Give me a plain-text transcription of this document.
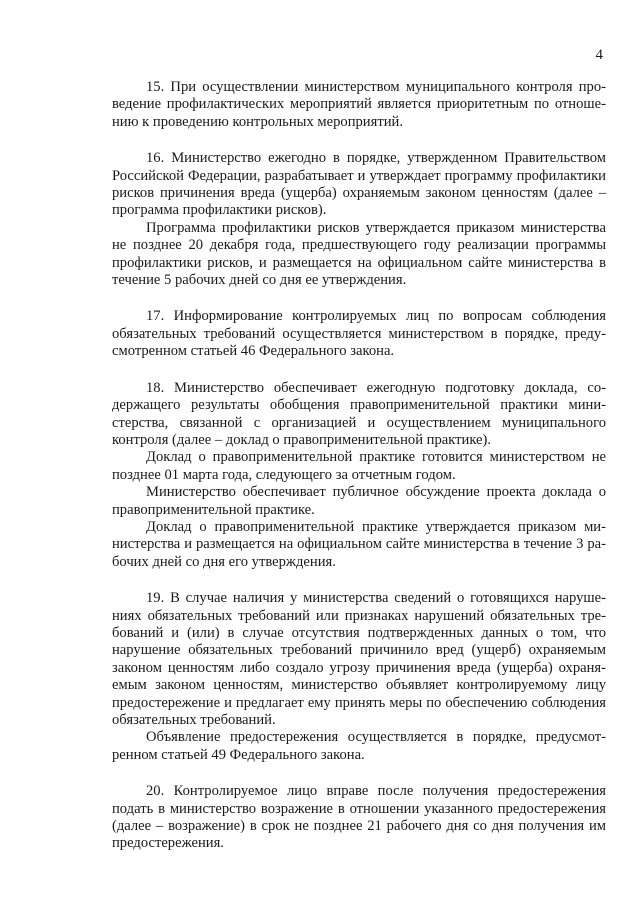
4

15. При осуществлении министерством муниципального контроля проведение профилактических мероприятий является приоритетным по отношению к проведению контрольных мероприятий.

16. Министерство ежегодно в порядке, утвержденном Правительством Российской Федерации, разрабатывает и утверждает программу профилактики рисков причинения вреда (ущерба) охраняемым законом ценностям (далее – программа профилактики рисков).

Программа профилактики рисков утверждается приказом министерства не позднее 20 декабря года, предшествующего году реализации программы профилактики рисков, и размещается на официальном сайте министерства в течение 5 рабочих дней со дня ее утверждения.

17. Информирование контролируемых лиц по вопросам соблюдения обязательных требований осуществляется министерством в порядке, предусмотренном статьей 46 Федерального закона.

18. Министерство обеспечивает ежегодную подготовку доклада, содержащего результаты обобщения правоприменительной практики министерства, связанной с организацией и осуществлением муниципального контроля (далее – доклад о правоприменительной практике).

Доклад о правоприменительной практике готовится министерством не позднее 01 марта года, следующего за отчетным годом.

Министерство обеспечивает публичное обсуждение проекта доклада о правоприменительной практике.

Доклад о правоприменительной практике утверждается приказом министерства и размещается на официальном сайте министерства в течение 3 рабочих дней со дня его утверждения.

19. В случае наличия у министерства сведений о готовящихся нарушениях обязательных требований или признаках нарушений обязательных требований и (или) в случае отсутствия подтвержденных данных о том, что нарушение обязательных требований причинило вред (ущерб) охраняемым законом ценностям либо создало угрозу причинения вреда (ущерба) охраняемым законом ценностям, министерство объявляет контролируемому лицу предостережение и предлагает ему принять меры по обеспечению соблюдения обязательных требований.

Объявление предостережения осуществляется в порядке, предусмотренном статьей 49 Федерального закона.

20. Контролируемое лицо вправе после получения предостережения подать в министерство возражение в отношении указанного предостережения (далее – возражение) в срок не позднее 21 рабочего дня со дня получения им предостережения.
